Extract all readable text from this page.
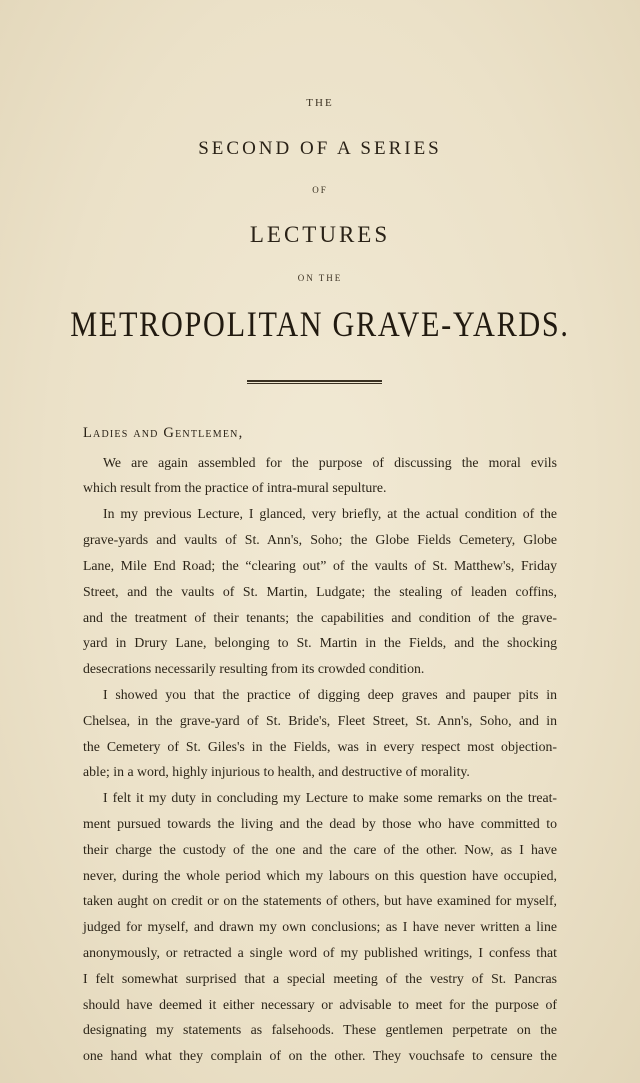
THE
SECOND OF A SERIES
OF
LECTURES
ON THE
METROPOLITAN GRAVE-YARDS.
Ladies and Gentlemen,
We are again assembled for the purpose of discussing the moral evils
which result from the practice of intra-mural sepulture.
In my previous Lecture, I glanced, very briefly, at the actual condition of the
grave-yards and vaults of St. Ann's, Soho; the Globe Fields Cemetery, Globe
Lane, Mile End Road; the “clearing out” of the vaults of St. Matthew's, Friday
Street, and the vaults of St. Martin, Ludgate; the stealing of leaden coffins,
and the treatment of their tenants; the capabilities and condition of the grave-
yard in Drury Lane, belonging to St. Martin in the Fields, and the shocking
desecrations necessarily resulting from its crowded condition.
I showed you that the practice of digging deep graves and pauper pits in
Chelsea, in the grave-yard of St. Bride's, Fleet Street, St. Ann's, Soho, and in
the Cemetery of St. Giles's in the Fields, was in every respect most objection-
able; in a word, highly injurious to health, and destructive of morality.
I felt it my duty in concluding my Lecture to make some remarks on the treat-
ment pursued towards the living and the dead by those who have committed to
their charge the custody of the one and the care of the other. Now, as I have
never, during the whole period which my labours on this question have occupied,
taken aught on credit or on the statements of others, but have examined for myself,
judged for myself, and drawn my own conclusions; as I have never written a line
anonymously, or retracted a single word of my published writings, I confess that
I felt somewhat surprised that a special meeting of the vestry of St. Pancras
should have deemed it either necessary or advisable to meet for the purpose of
designating my statements as falsehoods. These gentlemen perpetrate on the
one hand what they complain of on the other. They vouchsafe to censure the
